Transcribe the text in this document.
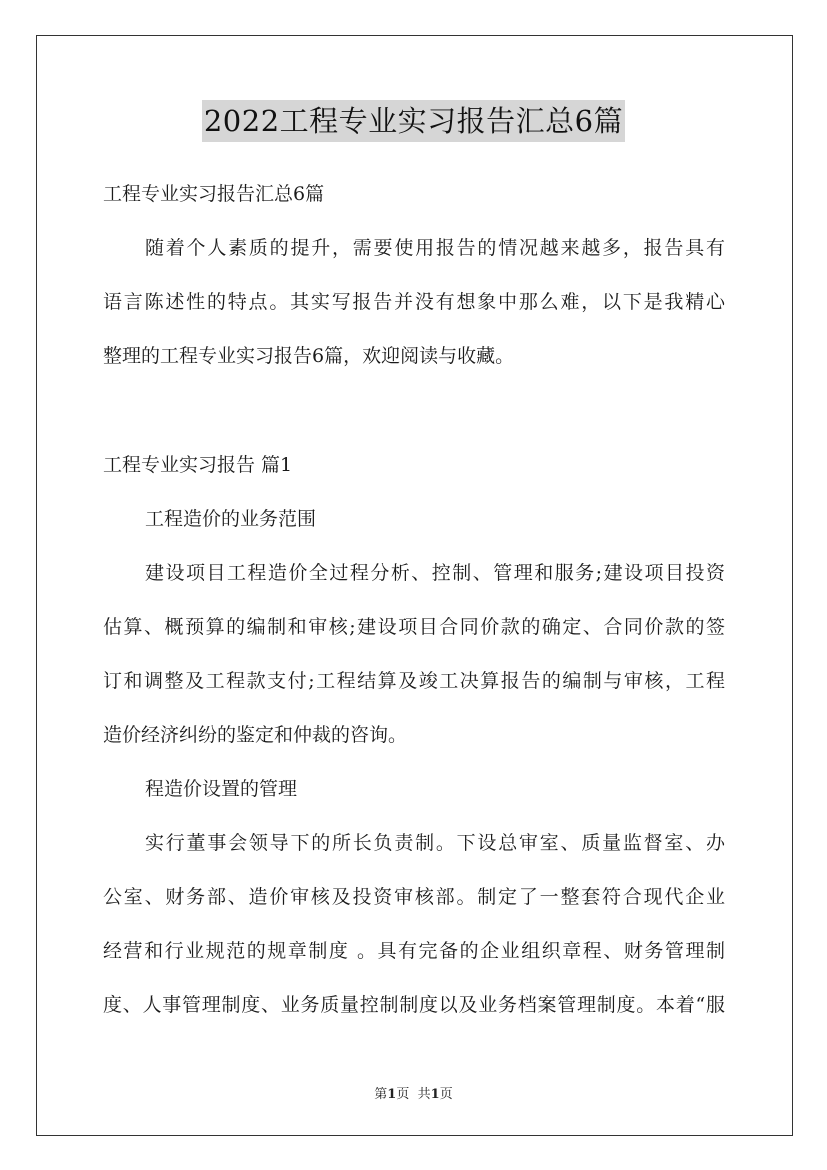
2022工程专业实习报告汇总6篇
工程专业实习报告汇总6篇
随着个人素质的提升，需要使用报告的情况越来越多，报告具有
语言陈述性的特点。其实写报告并没有想象中那么难，以下是我精心
整理的工程专业实习报告6篇，欢迎阅读与收藏。
工程专业实习报告 篇1
工程造价的业务范围
建设项目工程造价全过程分析、控制、管理和服务;建设项目投资
估算、概预算的编制和审核;建设项目合同价款的确定、合同价款的签
订和调整及工程款支付;工程结算及竣工决算报告的编制与审核，工程
造价经济纠纷的鉴定和仲裁的咨询。
程造价设置的管理
实行董事会领导下的所长负责制。下设总审室、质量监督室、办
公室、财务部、造价审核及投资审核部。制定了一整套符合现代企业
经营和行业规范的规章制度 。具有完备的企业组织章程、财务管理制
度、人事管理制度、业务质量控制制度以及业务档案管理制度。本着“服
第1页 共1页
